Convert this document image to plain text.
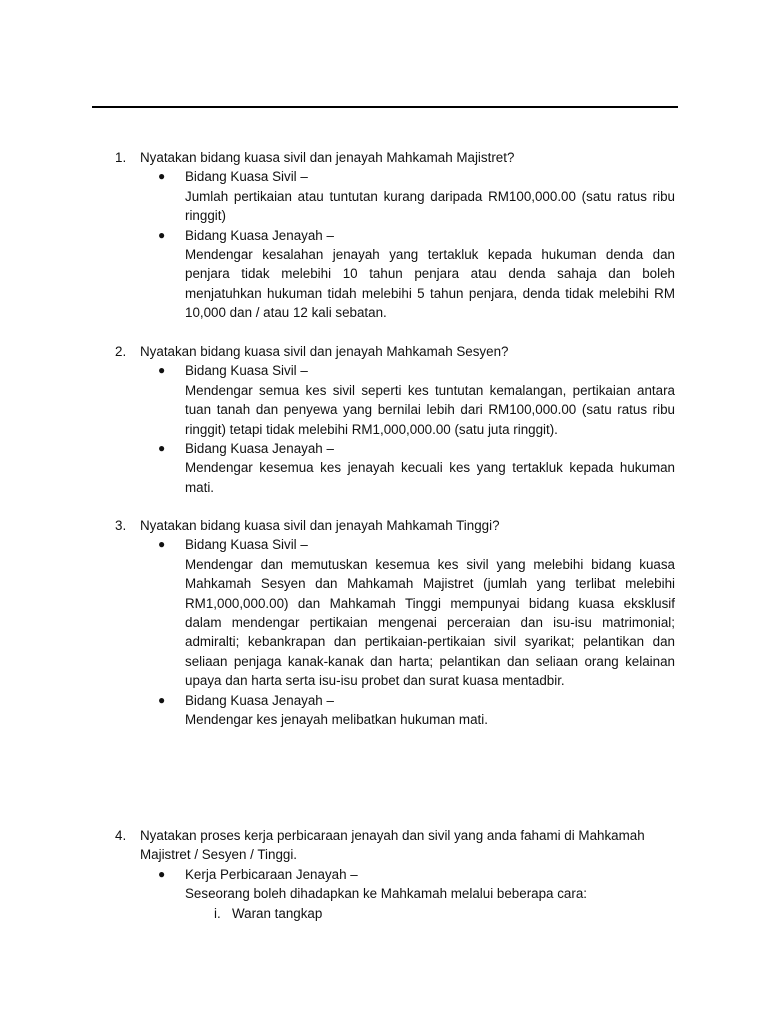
1. Nyatakan bidang kuasa sivil dan jenayah Mahkamah Majistret?
● Bidang Kuasa Sivil –
Jumlah pertikaian atau tuntutan kurang daripada RM100,000.00 (satu ratus ribu ringgit)
● Bidang Kuasa Jenayah –
Mendengar kesalahan jenayah yang tertakluk kepada hukuman denda dan penjara tidak melebihi 10 tahun penjara atau denda sahaja dan boleh menjatuhkan hukuman tidah melebihi 5 tahun penjara, denda tidak melebihi RM 10,000 dan / atau 12 kali sebatan.
2. Nyatakan bidang kuasa sivil dan jenayah Mahkamah Sesyen?
● Bidang Kuasa Sivil –
Mendengar semua kes sivil seperti kes tuntutan kemalangan, pertikaian antara tuan tanah dan penyewa yang bernilai lebih dari RM100,000.00 (satu ratus ribu ringgit) tetapi tidak melebihi RM1,000,000.00 (satu juta ringgit).
● Bidang Kuasa Jenayah –
Mendengar kesemua kes jenayah kecuali kes yang tertakluk kepada hukuman mati.
3. Nyatakan bidang kuasa sivil dan jenayah Mahkamah Tinggi?
● Bidang Kuasa Sivil –
Mendengar dan memutuskan kesemua kes sivil yang melebihi bidang kuasa Mahkamah Sesyen dan Mahkamah Majistret (jumlah yang terlibat melebihi RM1,000,000.00) dan Mahkamah Tinggi mempunyai bidang kuasa eksklusif dalam mendengar pertikaian mengenai perceraian dan isu-isu matrimonial; admiralti; kebankrapan dan pertikaian-pertikaian sivil syarikat; pelantikan dan seliaan penjaga kanak-kanak dan harta; pelantikan dan seliaan orang kelainan upaya dan harta serta isu-isu probet dan surat kuasa mentadbir.
● Bidang Kuasa Jenayah –
Mendengar kes jenayah melibatkan hukuman mati.
4. Nyatakan proses kerja perbicaraan jenayah dan sivil yang anda fahami di Mahkamah
Majistret / Sesyen / Tinggi.
● Kerja Perbicaraan Jenayah –
Seseorang boleh dihadapkan ke Mahkamah melalui beberapa cara:
i. Waran tangkap
